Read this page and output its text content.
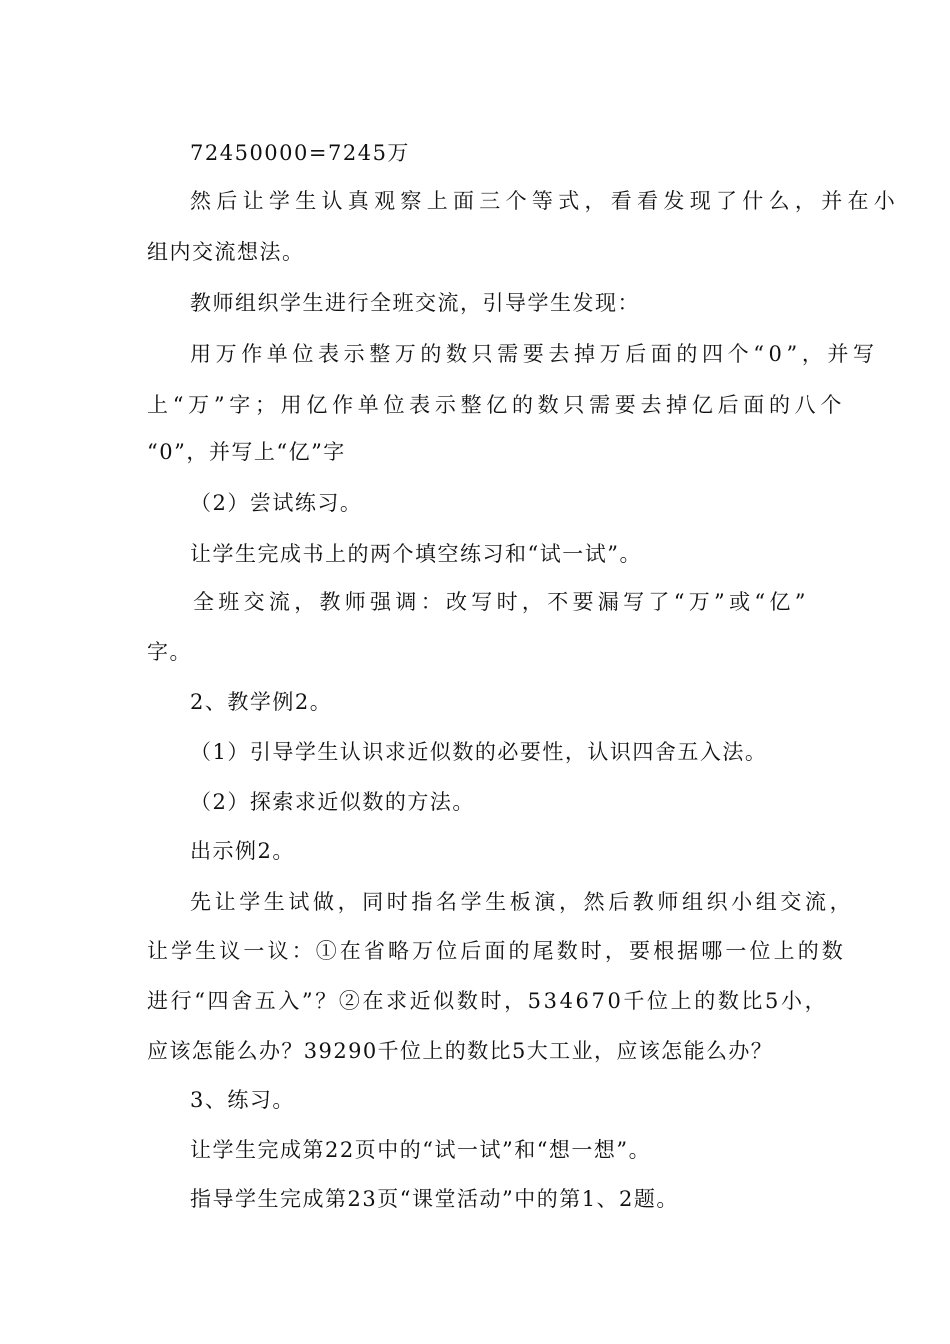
72450000=7245万
然后让学生认真观察上面三个等式，看看发现了什么，并在小
组内交流想法。
教师组织学生进行全班交流，引导学生发现：
用万作单位表示整万的数只需要去掉万后面的四个“0”，并写
上“万”字；用亿作单位表示整亿的数只需要去掉亿后面的八个
“0”，并写上“亿”字
（2）尝试练习。
让学生完成书上的两个填空练习和“试一试”。
全班交流，教师强调：改写时，不要漏写了“万”或“亿”
字。
2、教学例2。
（1）引导学生认识求近似数的必要性，认识四舍五入法。
（2）探索求近似数的方法。
出示例2。
先让学生试做，同时指名学生板演，然后教师组织小组交流，
让学生议一议：①在省略万位后面的尾数时，要根据哪一位上的数
进行“四舍五入”？②在求近似数时，534670千位上的数比5小，
应该怎能么办？39290千位上的数比5大工业，应该怎能么办？
3、练习。
让学生完成第22页中的“试一试”和“想一想”。
指导学生完成第23页“课堂活动”中的第1、2题。
